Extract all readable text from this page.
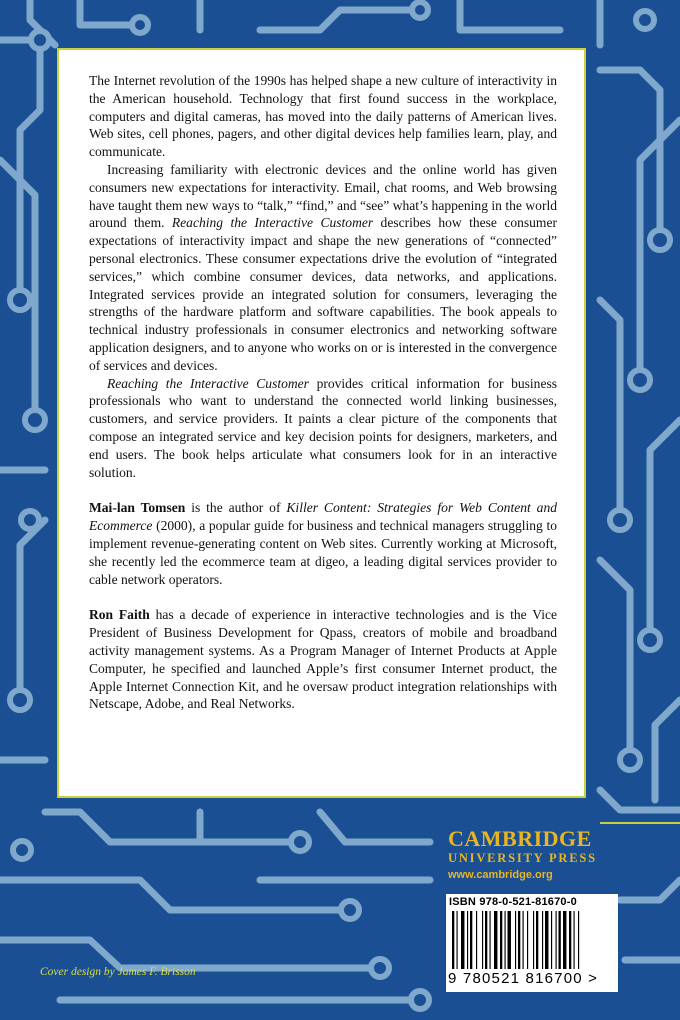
The Internet revolution of the 1990s has helped shape a new culture of interactivity in the American household. Technology that first found success in the workplace, computers and digital cameras, has moved into the daily patterns of American lives. Web sites, cell phones, pagers, and other digital devices help families learn, play, and communicate.

Increasing familiarity with electronic devices and the online world has given consumers new expectations for interactivity. Email, chat rooms, and Web browsing have taught them new ways to “talk,” “find,” and “see” what’s happening in the world around them. Reaching the Interactive Customer describes how these consumer expectations of interactivity impact and shape the new generations of “connected” personal electronics. These consumer expectations drive the evolution of “integrated services,” which combine consumer devices, data networks, and applications. Integrated services provide an integrated solution for consumers, leveraging the strengths of the hardware platform and software capabilities. The book appeals to technical industry professionals in consumer electronics and networking software application designers, and to anyone who works on or is interested in the convergence of services and devices.

Reaching the Interactive Customer provides critical information for business professionals who want to understand the connected world linking businesses, customers, and service providers. It paints a clear picture of the components that compose an integrated service and key decision points for designers, marketers, and end users. The book helps articulate what consumers look for in an interactive solution.

Mai-lan Tomsen is the author of Killer Content: Strategies for Web Content and Ecommerce (2000), a popular guide for business and technical managers struggling to implement revenue-generating content on Web sites. Currently working at Microsoft, she recently led the ecommerce team at digeo, a leading digital services provider to cable network operators.

Ron Faith has a decade of experience in interactive technologies and is the Vice President of Business Development for Qpass, creators of mobile and broadband activity management systems. As a Program Manager of Internet Products at Apple Computer, he specified and launched Apple’s first consumer Internet product, the Apple Internet Connection Kit, and he oversaw product integration relationships with Netscape, Adobe, and Real Networks.

CAMBRIDGE
UNIVERSITY PRESS
www.cambridge.org
ISBN 978-0-521-81670-0
9 780521 816700 >
Cover design by James F. Brisson
